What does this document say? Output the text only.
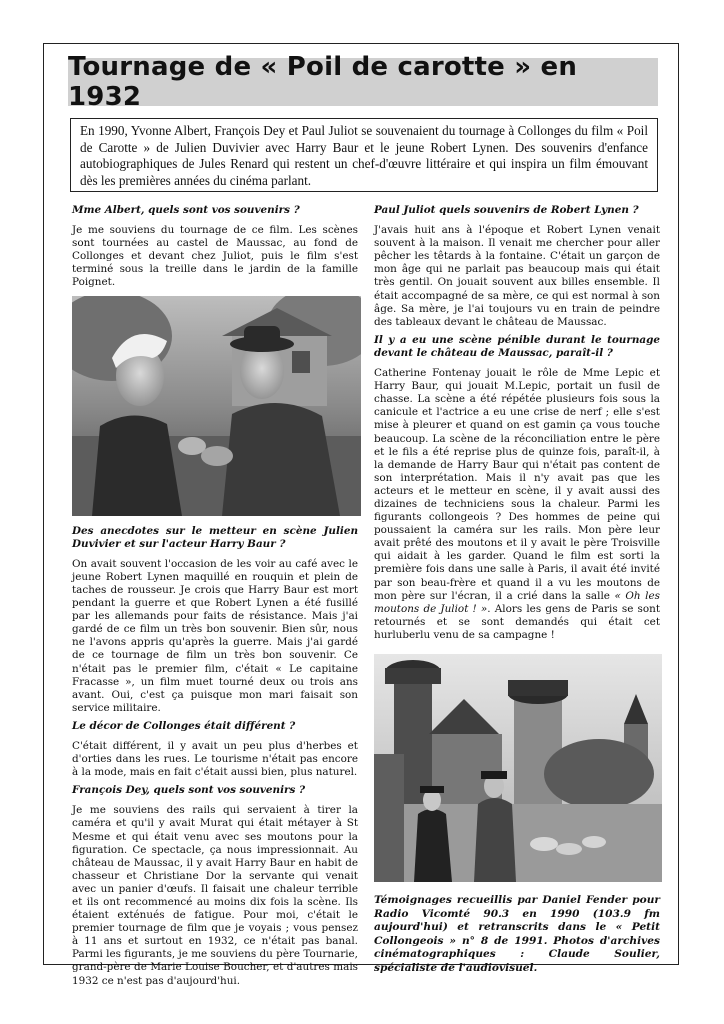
Tournage de « Poil de carotte » en 1932
En 1990, Yvonne Albert, François Dey et Paul Juliot se souvenaient du tournage à Collonges du film « Poil de Carotte » de Julien Duvivier avec Harry Baur et le jeune Robert Lynen. Des souvenirs d'enfance autobiographiques de Jules Renard qui restent un chef-d'œuvre littéraire et qui inspira un film émouvant dès les premières années du cinéma parlant.

Mme Albert, quels sont vos souvenirs ?

Je me souviens du tournage de ce film. Les scènes sont tournées au castel de Maussac, au fond de Collonges et devant chez Juliot, puis le film s'est terminé sous la treille dans le jardin de la famille Poignet.

Des anecdotes sur le metteur en scène Julien Duvivier et sur l'acteur Harry Baur ?

On avait souvent l'occasion de les voir au café avec le jeune Robert Lynen maquillé en rouquin et plein de taches de rousseur. Je crois que Harry Baur est mort pendant la guerre et que Robert Lynen a été fusillé par les allemands pour faits de résistance. Mais j'ai gardé de ce film un très bon souvenir. Bien sûr, nous ne l'avons appris qu'après la guerre. Mais j'ai gardé de ce tournage de film un très bon souvenir. Ce n'était pas le premier film, c'était « Le capitaine Fracasse », un film muet tourné deux ou trois ans avant. Oui, c'est ça puisque mon mari faisait son service militaire.

Le décor de Collonges était différent ?

C'était différent, il y avait un peu plus d'herbes et d'orties dans les rues. Le tourisme n'était pas encore à la mode, mais en fait c'était aussi bien, plus naturel.

François Dey, quels sont vos souvenirs ?

Je me souviens des rails qui servaient à tirer la caméra et qu'il y avait Murat qui était métayer à St Mesme et qui était venu avec ses moutons pour la figuration. Ce spectacle, ça nous impressionnait. Au château de Maussac, il y avait Harry Baur en habit de chasseur et Christiane Dor la servante qui venait avec un panier d'œufs. Il faisait une chaleur terrible et ils ont recommencé au moins dix fois la scène. Ils étaient exténués de fatigue. Pour moi, c'était le premier tournage de film que je voyais ; vous pensez à 11 ans et surtout en 1932, ce n'était pas banal. Parmi les figurants, je me souviens du père Tournarie, grand-père de Marie Louise Boucher, et d'autres mais 1932 ce n'est pas d'aujourd'hui.

Paul Juliot quels souvenirs de Robert Lynen ?

J'avais huit ans à l'époque et Robert Lynen venait souvent à la maison. Il venait me chercher pour aller pêcher les têtards à la fontaine. C'était un garçon de mon âge qui ne parlait pas beaucoup mais qui était très gentil. On jouait souvent aux billes ensemble. Il était accompagné de sa mère, ce qui est normal à son âge. Sa mère, je l'ai toujours vu en train de peindre des tableaux devant le château de Maussac.

Il y a eu une scène pénible durant le tournage devant le château de Maussac, paraît-il ?

Catherine Fontenay jouait le rôle de Mme Lepic et Harry Baur, qui jouait M.Lepic, portait un fusil de chasse. La scène a été répétée plusieurs fois sous la canicule et l'actrice a eu une crise de nerf ; elle s'est mise à pleurer et quand on est gamin ça vous touche beaucoup. La scène de la réconciliation entre le père et le fils a été reprise plus de quinze fois, paraît-il, à la demande de Harry Baur qui n'était pas content de son interprétation. Mais il n'y avait pas que les acteurs et le metteur en scène, il y avait aussi des dizaines de techniciens sous la chaleur. Parmi les figurants collongeois ? Des hommes de peine qui poussaient la caméra sur les rails. Mon père leur avait prêté des moutons et il y avait le père Troisville qui aidait à les garder. Quand le film est sorti la première fois dans une salle à Paris, il avait été invité par son beau-frère et quand il a vu les moutons de mon père sur l'écran, il a crié dans la salle « Oh les moutons de Juliot ! ». Alors les gens de Paris se sont retournés et se sont demandés qui était cet hurluberlu venu de sa campagne !

Témoignages recueillis par Daniel Fender pour Radio Vicomté 90.3 en 1990 (103.9 fm aujourd'hui) et retranscrits dans le « Petit Collongeois » n° 8 de 1991. Photos d'archives cinématographiques : Claude Soulier, spécialiste de l'audiovisuel.
